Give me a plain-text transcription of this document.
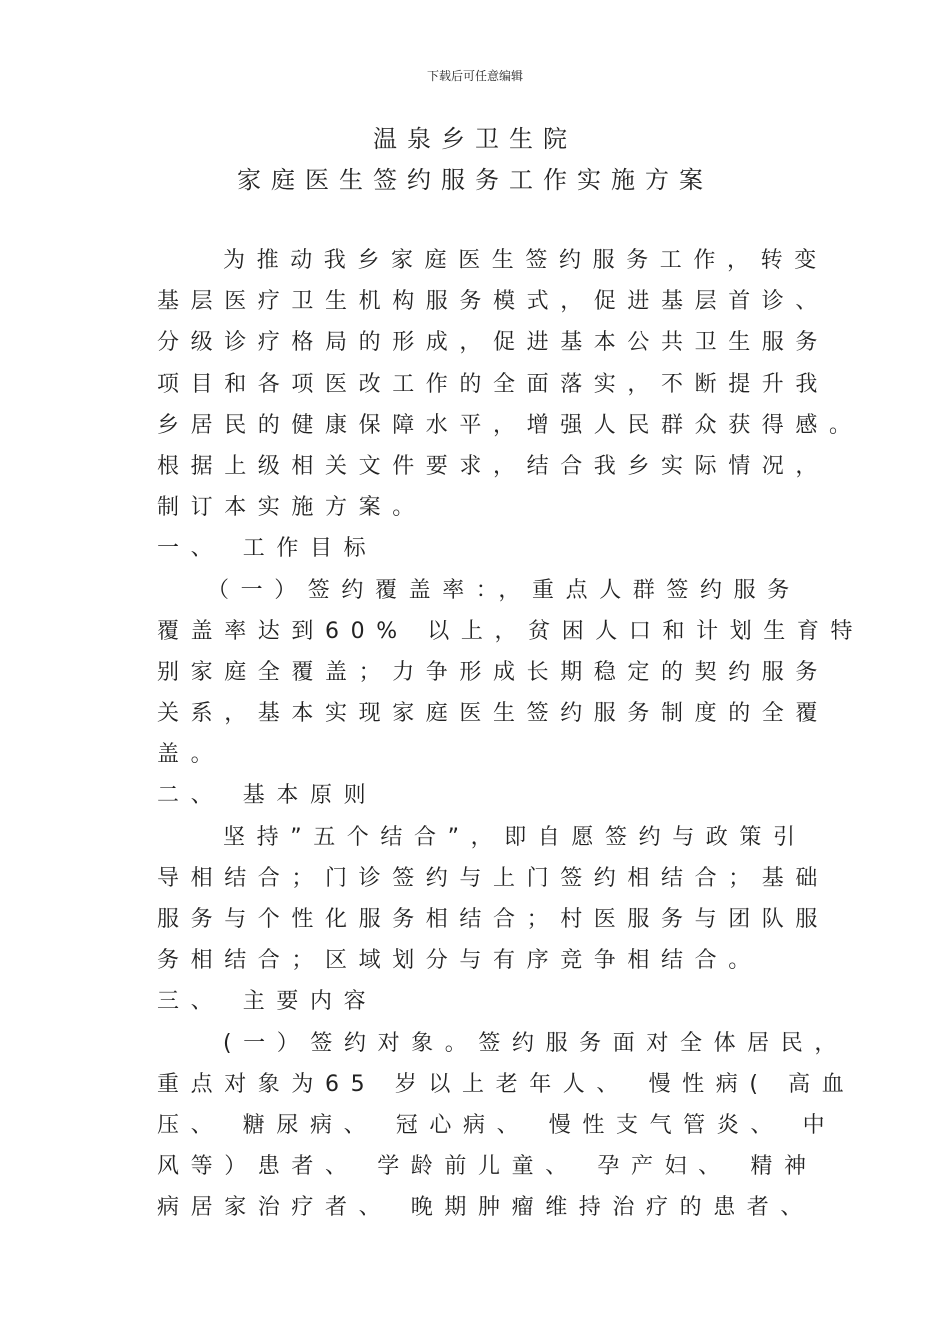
下载后可任意编辑
温泉乡卫生院
家庭医生签约服务工作实施方案
为推动我乡家庭医生签约服务工作，转变
基层医疗卫生机构服务模式，促进基层首诊、
分级诊疗格局的形成，促进基本公共卫生服务
项目和各项医改工作的全面落实，不断提升我
乡居民的健康保障水平，增强人民群众获得感。
根据上级相关文件要求，结合我乡实际情况，
制订本实施方案。
一、 工作目标
（一）签约覆盖率：，重点人群签约服务
覆盖率达到60% 以上，贫困人口和计划生育特
别家庭全覆盖；力争形成长期稳定的契约服务
关系，基本实现家庭医生签约服务制度的全覆
盖。
二、 基本原则
坚持”五个结合”，即自愿签约与政策引
导相结合；门诊签约与上门签约相结合；基础
服务与个性化服务相结合；村医服务与团队服
务相结合；区域划分与有序竞争相结合。
三、 主要内容
(一）签约对象。签约服务面对全体居民，
重点对象为65 岁以上老年人、 慢性病( 高血
压、 糖尿病、 冠心病、 慢性支气管炎、 中
风等）患者、 学龄前儿童、 孕产妇、 精神
病居家治疗者、 晚期肿瘤维持治疗的患者、
